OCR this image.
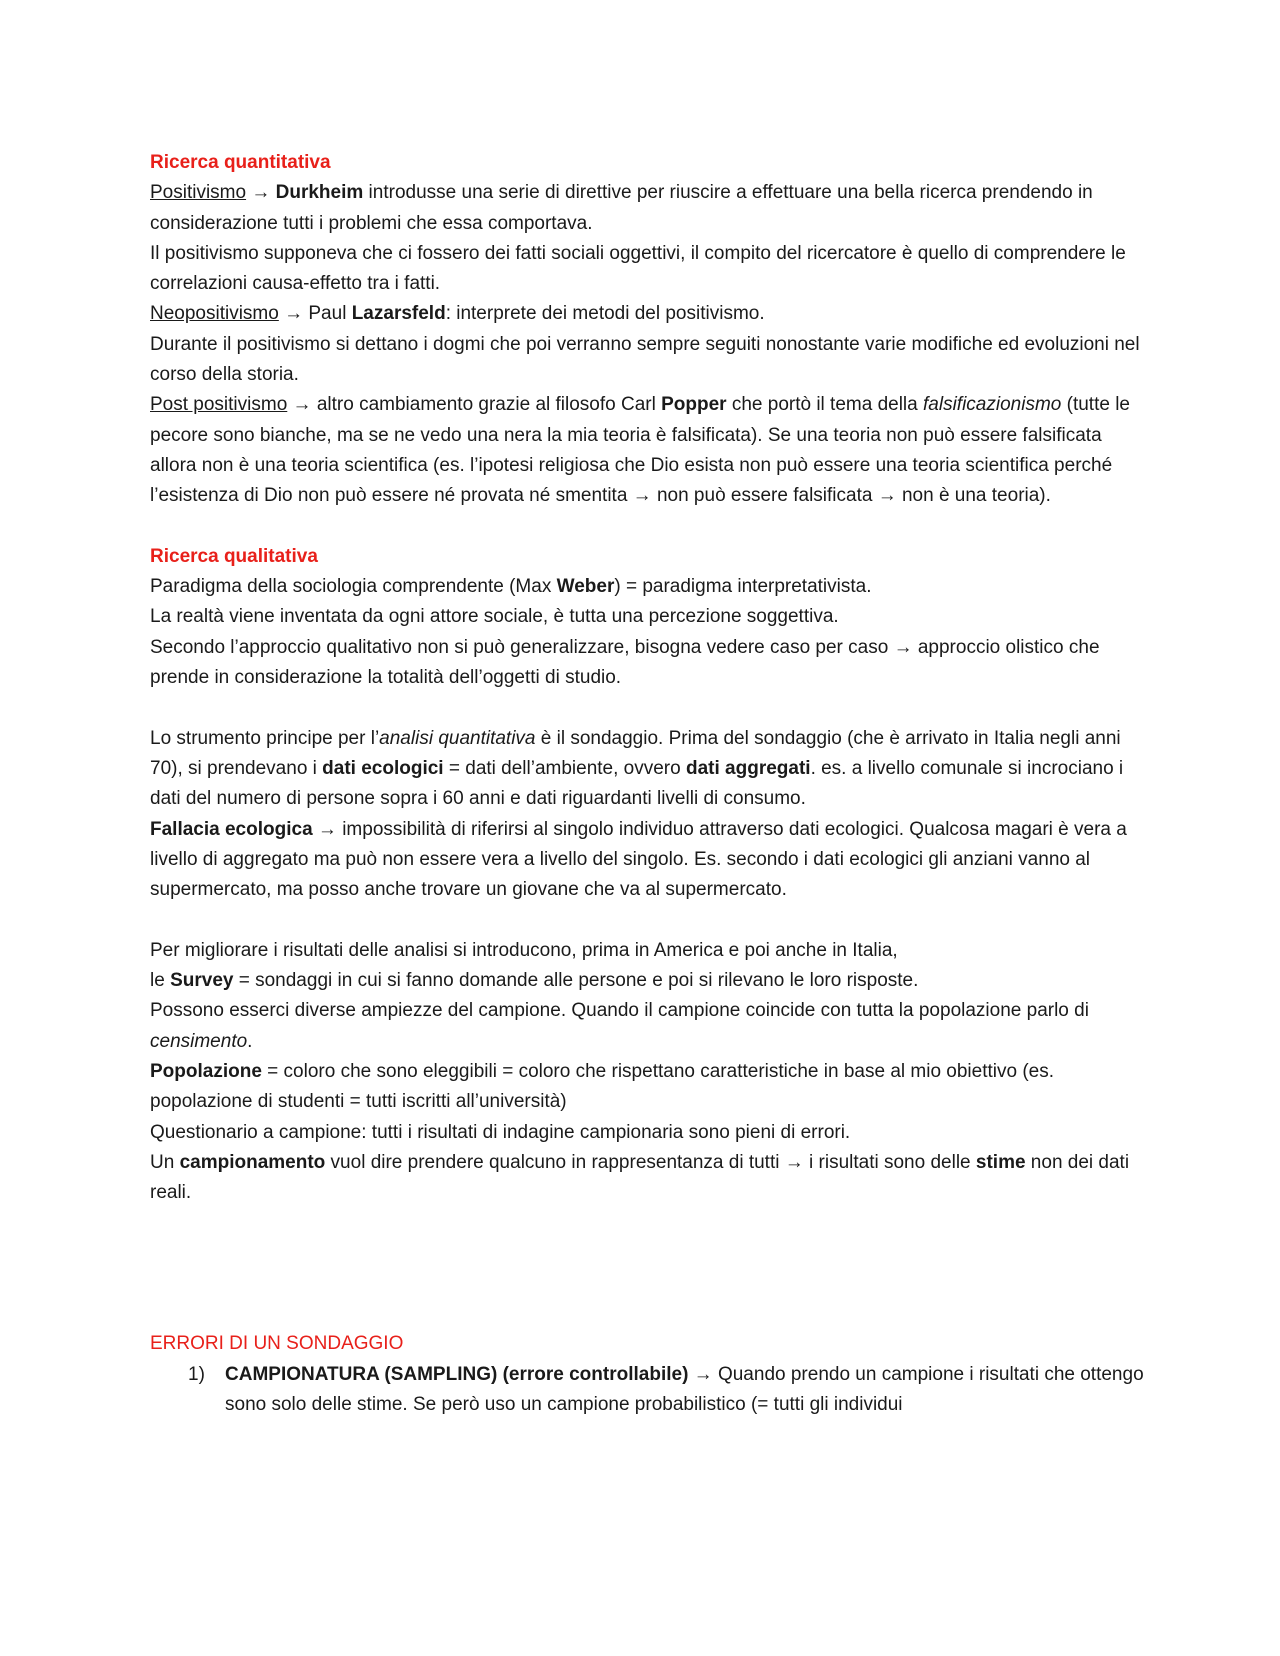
Ricerca quantitativa

Positivismo → Durkheim introdusse una serie di direttive per riuscire a effettuare una bella ricerca prendendo in considerazione tutti i problemi che essa comportava.

Il positivismo supponeva che ci fossero dei fatti sociali oggettivi, il compito del ricercatore è quello di comprendere le correlazioni causa-effetto tra i fatti.

Neopositivismo → Paul Lazarsfeld: interprete dei metodi del positivismo.

Durante il positivismo si dettano i dogmi che poi verranno sempre seguiti nonostante varie modifiche ed evoluzioni nel corso della storia.

Post positivismo → altro cambiamento grazie al filosofo Carl Popper che portò il tema della falsificazionismo (tutte le pecore sono bianche, ma se ne vedo una nera la mia teoria è falsificata). Se una teoria non può essere falsificata allora non è una teoria scientifica (es. l’ipotesi religiosa che Dio esista non può essere una teoria scientifica perché l’esistenza di Dio non può essere né provata né smentita → non può essere falsificata → non è una teoria).

Ricerca qualitativa

Paradigma della sociologia comprendente (Max Weber) = paradigma interpretativista.

La realtà viene inventata da ogni attore sociale, è tutta una percezione soggettiva.

Secondo l’approccio qualitativo non si può generalizzare, bisogna vedere caso per caso → approccio olistico che prende in considerazione la totalità dell’oggetti di studio.

Lo strumento principe per l’analisi quantitativa è il sondaggio. Prima del sondaggio (che è arrivato in Italia negli anni 70), si prendevano i dati ecologici = dati dell’ambiente, ovvero dati aggregati. es. a livello comunale si incrociano i dati del numero di persone sopra i 60 anni e dati riguardanti livelli di consumo.

Fallacia ecologica → impossibilità di riferirsi al singolo individuo attraverso dati ecologici. Qualcosa magari è vera a livello di aggregato ma può non essere vera a livello del singolo. Es. secondo i dati ecologici gli anziani vanno al supermercato, ma posso anche trovare un giovane che va al supermercato.

Per migliorare i risultati delle analisi si introducono, prima in America e poi anche in Italia,

le Survey = sondaggi in cui si fanno domande alle persone e poi si rilevano le loro risposte.

Possono esserci diverse ampiezze del campione. Quando il campione coincide con tutta la popolazione parlo di censimento.

Popolazione = coloro che sono eleggibili = coloro che rispettano caratteristiche in base al mio obiettivo (es. popolazione di studenti = tutti iscritti all’università)

Questionario a campione: tutti i risultati di indagine campionaria sono pieni di errori.

Un campionamento vuol dire prendere qualcuno in rappresentanza di tutti → i risultati sono delle stime non dei dati reali.

ERRORI DI UN SONDAGGIO

1) CAMPIONATURA (SAMPLING) (errore controllabile) → Quando prendo un campione i risultati che ottengo sono solo delle stime. Se però uso un campione probabilistico (= tutti gli individui
